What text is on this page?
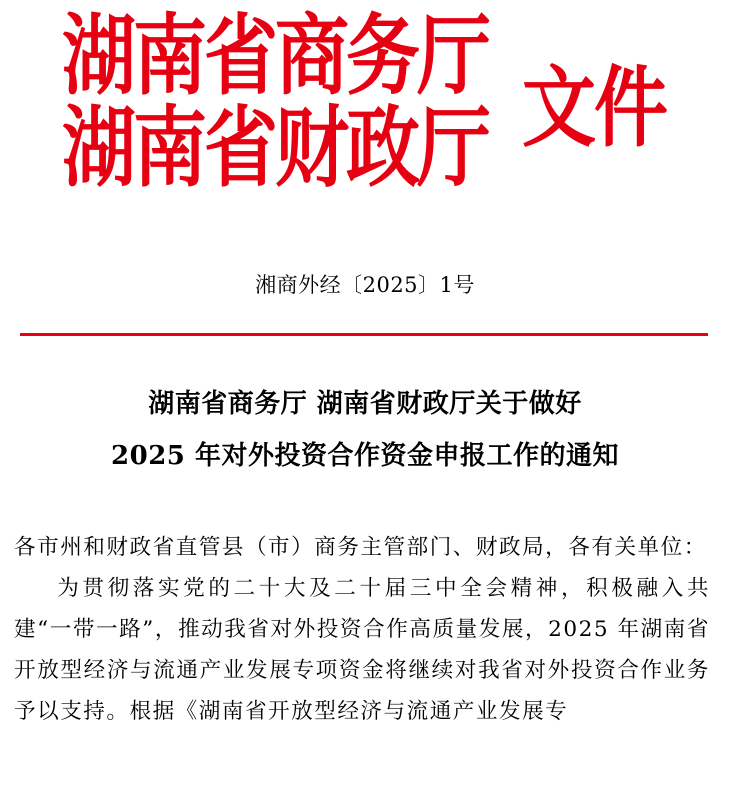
湖南省商务厅
湖南省财政厅 文件
湘商外经〔2025〕1号
湖南省商务厅 湖南省财政厅关于做好
2025 年对外投资合作资金申报工作的通知

各市州和财政省直管县（市）商务主管部门、财政局，各有关单位：

为贯彻落实党的二十大及二十届三中全会精神，积极融入共建“一带一路”，推动我省对外投资合作高质量发展，2025 年湖南省开放型经济与流通产业发展专项资金将继续对我省对外投资合作业务予以支持。根据《湖南省开放型经济与流通产业发展专
